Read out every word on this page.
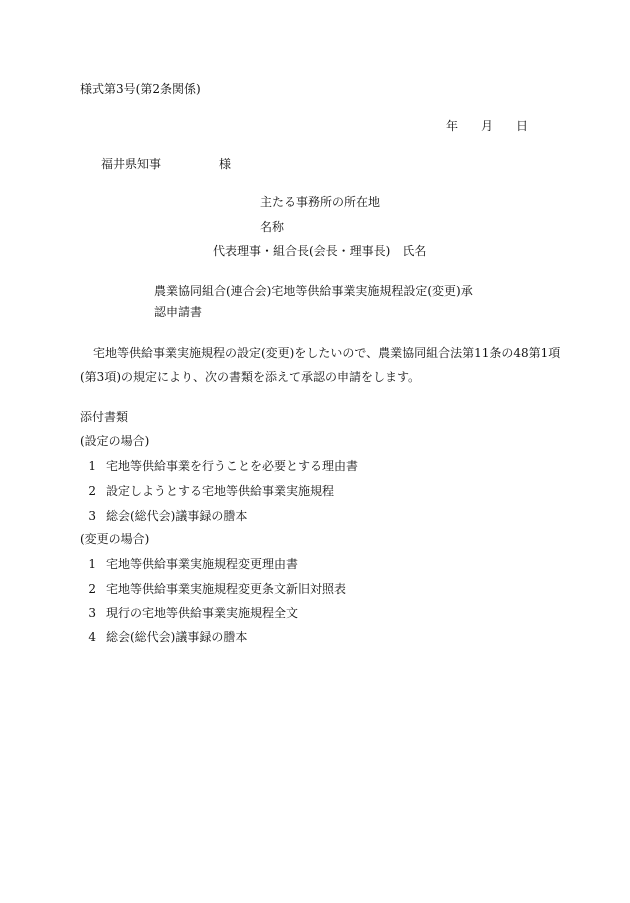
様式第3号(第2条関係)
年 月 日
福井県知事	様
主たる事務所の所在地
名称
代表理事・組合長(会長・理事長)　氏名
農業協同組合(連合会)宅地等供給事業実施規程設定(変更)承
認申請書
宅地等供給事業実施規程の設定(変更)をしたいので、農業協同組合法第11条の48第1項
(第3項)の規定により、次の書類を添えて承認の申請をします。
添付書類
(設定の場合)
1 宅地等供給事業を行うことを必要とする理由書
2 設定しようとする宅地等供給事業実施規程
3 総会(総代会)議事録の謄本
(変更の場合)
1 宅地等供給事業実施規程変更理由書
2 宅地等供給事業実施規程変更条文新旧対照表
3 現行の宅地等供給事業実施規程全文
4 総会(総代会)議事録の謄本
